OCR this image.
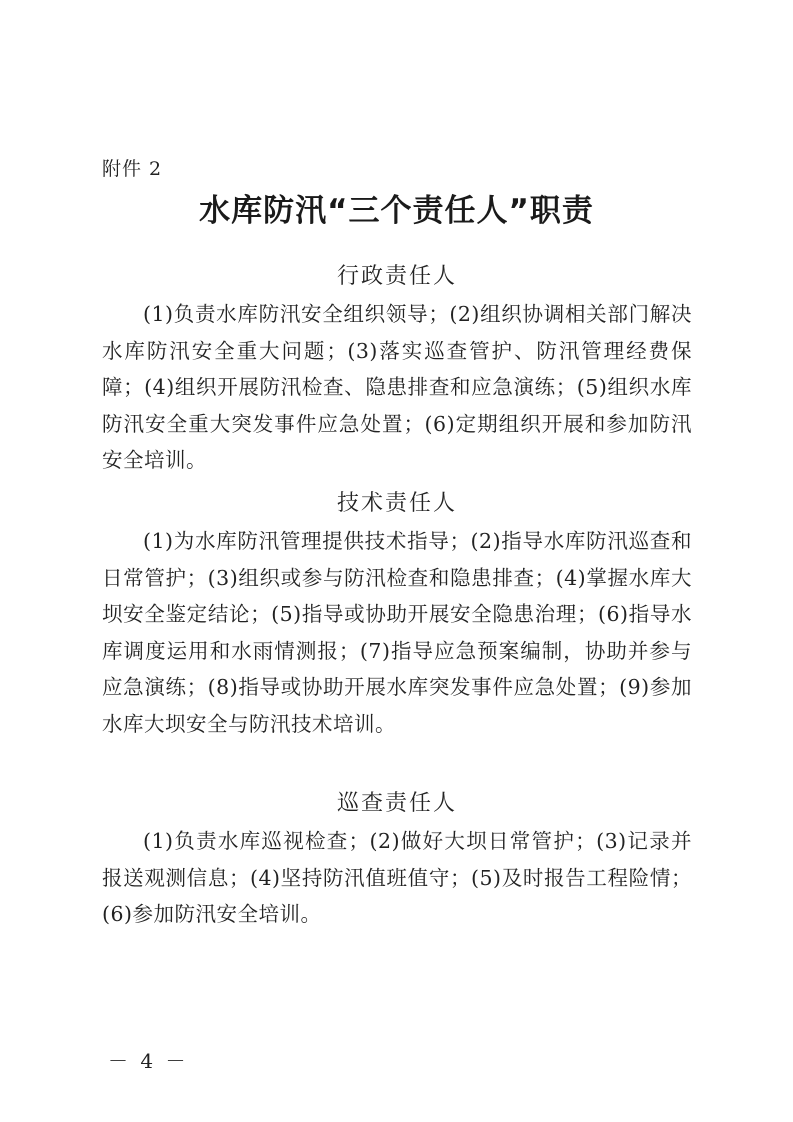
附件 2
水库防汛“三个责任人”职责
行政责任人

(1)负责水库防汛安全组织领导；(2)组织协调相关部门解决水库防汛安全重大问题；(3)落实巡查管护、防汛管理经费保障；(4)组织开展防汛检查、隐患排查和应急演练；(5)组织水库防汛安全重大突发事件应急处置；(6)定期组织开展和参加防汛安全培训。

技术责任人

(1)为水库防汛管理提供技术指导；(2)指导水库防汛巡查和日常管护；(3)组织或参与防汛检查和隐患排查；(4)掌握水库大坝安全鉴定结论；(5)指导或协助开展安全隐患治理；(6)指导水库调度运用和水雨情测报；(7)指导应急预案编制，协助并参与应急演练；(8)指导或协助开展水库突发事件应急处置；(9)参加水库大坝安全与防汛技术培训。

巡查责任人

(1)负责水库巡视检查；(2)做好大坝日常管护；(3)记录并报送观测信息；(4)坚持防汛值班值守；(5)及时报告工程险情；(6)参加防汛安全培训。

－ 4 －
